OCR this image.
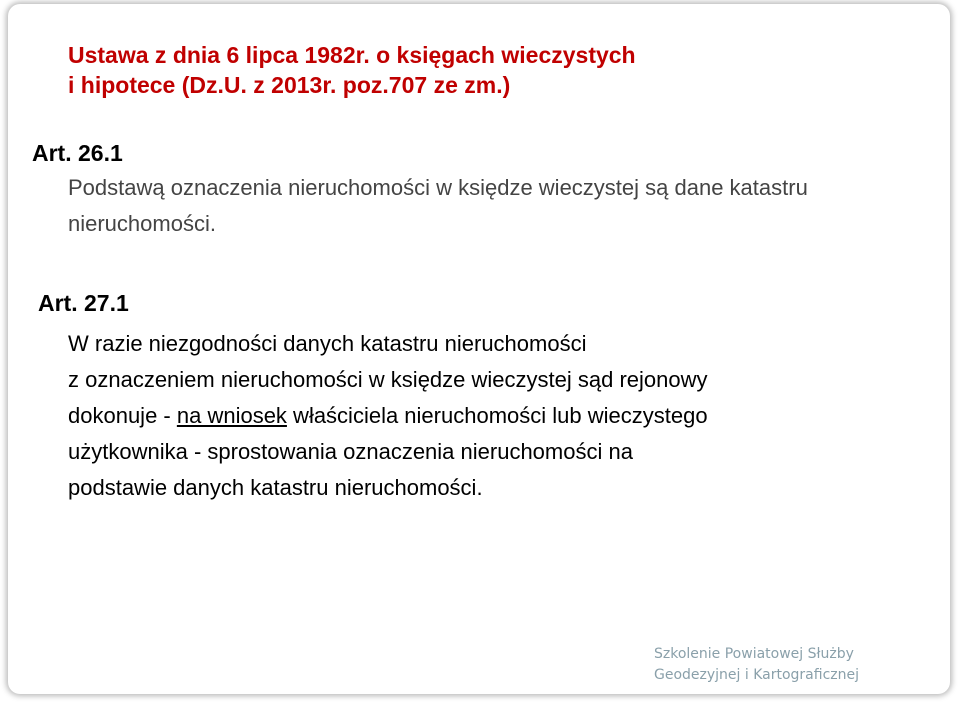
Ustawa z dnia 6 lipca 1982r. o księgach wieczystych
i hipotece (Dz.U. z 2013r. poz.707 ze zm.)
Art. 26.1

Podstawą oznaczenia nieruchomości w księdze wieczystej są dane katastru nieruchomości.

Art. 27.1

W razie niezgodności danych katastru nieruchomości
z oznaczeniem nieruchomości w księdze wieczystej sąd rejonowy
dokonuje - na wniosek właściciela nieruchomości lub wieczystego
użytkownika - sprostowania oznaczenia nieruchomości na
podstawie danych katastru nieruchomości.

Szkolenie Powiatowej Służby
Geodezyjnej i Kartograficznej
